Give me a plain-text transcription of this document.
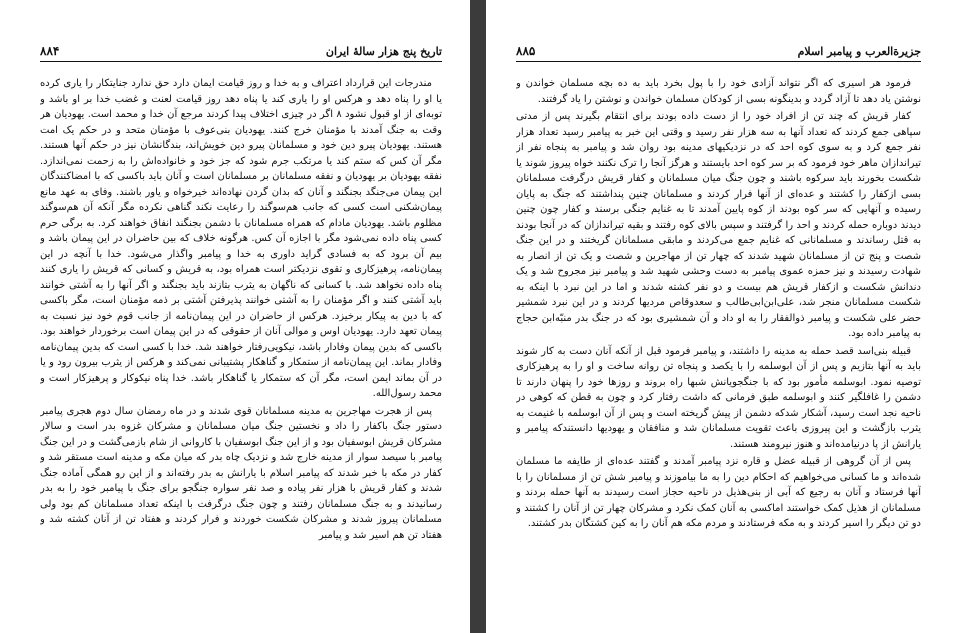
تاریخ پنج هزار سالهٔ ایران
۸۸۴

مندرجات این قرارداد اعتراف و به خدا و روز قیامت ایمان دارد حق ندارد جنایتکار را یاری کرده یا او را پناه دهد و هرکس او را یاری کند یا پناه دهد روز قیامت لعنت و غضب خدا بر او باشد و توبه‌ای از او قبول نشود ۸ اگر در چیزی اختلاف پیدا کردند مرجع آن خدا و محمد است. یهودیان هر وقت به جنگ آمدند با مؤمنان خرج کنند. یهودیان بنی‌عوف با مؤمنان متحد و در حکم یک امت هستند. یهودیان پیرو دین خود و مسلمانان پیرو دین خویش‌اند، بندگانشان نیز در حکم آنها هستند. مگر آن کس که ستم کند یا مرتکب جرم شود که جز خود و خانواده‌اش را به زحمت نمی‌اندازد. نفقه یهودیان بر یهودیان و نفقه مسلمانان بر مسلمانان است و آنان باید باکسی که با امضاکنندگان این پیمان می‌جنگد بجنگند و آنان که بدان گردن نهاده‌اند خیرخواه و یاور باشند. وفای به عهد مانع پیمان‌شکنی است کسی که جانب هم‌سوگند را رعایت نکند گناهی نکرده مگر آنکه آن هم‌سوگند مظلوم باشد. یهودیان مادام که همراه مسلمانان با دشمن بجنگند انفاق خواهند کرد. به برگی حرم کسی پناه داده نمی‌شود مگر با اجازه آن کس. هرگونه خلاف که بین حاضران در این پیمان باشد و بیم آن برود که به فسادی گراید داوری به خدا و پیامبر واگذار می‌شود. خدا با آنچه در این پیمان‌نامه، پرهیزکاری و تقوی نزدیکتر است همراه بود، به قریش و کسانی که قریش را یاری کنند پناه داده نخواهد شد. با کسانی که ناگهان به یثرب بتازند باید بجنگند و اگر آنها را به آشتی خوانند باید آشتی کنند و اگر مؤمنان را به آشتی خوانند پذیرفتن آشتی بر ذمه مؤمنان است، مگر باکسی که با دین به پیکار برخیزد. هرکس از حاضران در این پیمان‌نامه از جانب قوم خود نیز نسبت به پیمان تعهد دارد. یهودیان اوس و موالی آنان از حقوقی که در این پیمان است برخوردار خواهند بود. باکسی که بدین پیمان وفادار باشد، نیکویی‌رفتار خواهند شد. خدا با کسی است که بدین پیمان‌نامه وفادار بماند. این پیمان‌نامه از ستمکار و گناهکار پشتیبانی نمی‌کند و هرکس از یثرب بیرون رود و یا در آن بماند ایمن است، مگر آن که ستمکار یا گناهکار باشد. خدا پناه نیکوکار و پرهیزکار است و محمد رسول‌الله.

پس از هجرت مهاجرین به مدینه مسلمانان قوی شدند و در ماه رمضان سال دوم هجری پیامبر دستور جنگ باکفار را داد و نخستین جنگ میان مسلمانان و مشرکان غزوه بدر است و سالار مشرکان قریش ابوسفیان بود و از این جنگ ابوسفیان با کاروانی از شام بازمی‌گشت و در این جنگ پیامبر با سیصد سوار از مدینه خارج شد و نزدیک چاه بدر که میان مکه و مدینه است مستقر شد و کفار در مکه با خبر شدند که پیامبر اسلام با یارانش به بدر رفته‌اند و از این رو همگی آماده جنگ شدند و کفار قریش با هزار نفر پیاده و صد نفر سواره جنگجو برای جنگ با پیامبر خود را به بدر رسانیدند و به جنگ مسلمانان رفتند و چون جنگ درگرفت با اینکه تعداد مسلمانان کم بود ولی مسلمانان پیروز شدند و مشرکان شکست خوردند و فرار کردند و هفتاد تن از آنان کشته شد و هفتاد تن هم اسیر شد و پیامبر

جزیرةالعرب و پیامبر اسلام
۸۸۵

فرمود هر اسیری که اگر نتواند آزادی خود را با پول بخرد باید به ده بچه مسلمان خواندن و نوشتن یاد دهد تا آزاد گردد و بدینگونه بسی از کودکان مسلمان خواندن و نوشتن را یاد گرفتند.

کفار قریش که چند تن از افراد خود را از دست داده بودند برای انتقام بگیرند پس از مدتی سپاهی جمع کردند که تعداد آنها به سه هزار نفر رسید و وقتی این خبر به پیامبر رسید تعداد هزار نفر جمع کرد و به سوی کوه احد که در نزدیکیهای مدینه بود روان شد و پیامبر به پنجاه نفر از تیراندازان ماهر خود فرمود که بر سر کوه احد بایستند و هرگز آنجا را ترک نکنند خواه پیروز شوند یا شکست بخورند باید سرکوه باشند و چون جنگ میان مسلمانان و کفار قریش درگرفت مسلمانان بسی ازکفار را کشتند و عده‌ای از آنها فرار کردند و مسلمانان چنین پنداشتند که جنگ به پایان رسیده و آنهایی که سر کوه بودند از کوه پایین آمدند تا به غنایم جنگی برسند و کفار چون چنین دیدند دوباره حمله کردند و احد را گرفتند و سپس بالای کوه رفتند و بقیه تیراندازان که در آنجا بودند به قتل رساندند و مسلمانانی که غنایم جمع می‌کردند و مابقی مسلمانان گریختند و در این جنگ شصت و پنج تن از مسلمانان شهید شدند که چهار تن از مهاجرین و شصت و یک تن از انصار به شهادت رسیدند و نیز حمزه عموی پیامبر به دست وحشی شهید شد و پیامبر نیز مجروح شد و یک دندانش شکست و ازکفار قریش هم بیست و دو نفر کشته شدند و اما در این نبرد با اینکه به شکست مسلمانان منجر شد، علی‌ابن‌ابی‌طالب و سعدوقاص مردیها کردند و در این نبرد شمشیر حضر علی شکست و پیامبر ذوالفقار را به او داد و آن شمشیری بود که در جنگ بدر منبّه‌ابن حجاج به پیامبر داده بود.

قبیله بنی‌اسد قصد حمله به مدینه را داشتند، و پیامبر فرمود قبل از آنکه آنان دست به کار شوند باید به آنها بتازیم و پس از آن ابوسلمه را با یکصد و پنجاه تن روانه ساخت و او را به پرهیزکاری توصیه نمود. ابوسلمه مأمور بود که با جنگجویانش شبها راه بروند و روزها خود را پنهان دارند تا دشمن را غافلگیر کنند و ابوسلمه طبق فرمانی که داشت رفتار کرد و چون به قطن که کوهی در ناحیه نجد است رسید، آشکار شدکه دشمن از پیش گریخته است و پس از آن ابوسلمه با غنیمت به یثرب بازگشت و این پیروزی باعث تقویت مسلمانان شد و منافقان و یهودیها دانستندکه پیامبر و یارانش از پا درنیامده‌اند و هنوز نیرومند هستند.

پس از آن گروهی از قبیله عضل و قاره نزد پیامبر آمدند و گفتند عده‌ای از طایفه ما مسلمان شده‌اند و ما کسانی می‌خواهیم که احکام دین را به ما بیاموزند و پیامبر شش تن از مسلمانان را با آنها فرستاد و آنان به رجیع که آبی از بنی‌هذیل در ناحیه حجاز است رسیدند به آنها حمله بردند و مسلمانان از هذیل کمک خواستند اماکسی به آنان کمک نکرد و مشرکان چهار تن از آنان را کشتند و دو تن دیگر را اسیر کردند و به مکه فرستادند و مردم مکه هم آنان را به کین کشتگان بدر کشتند.
